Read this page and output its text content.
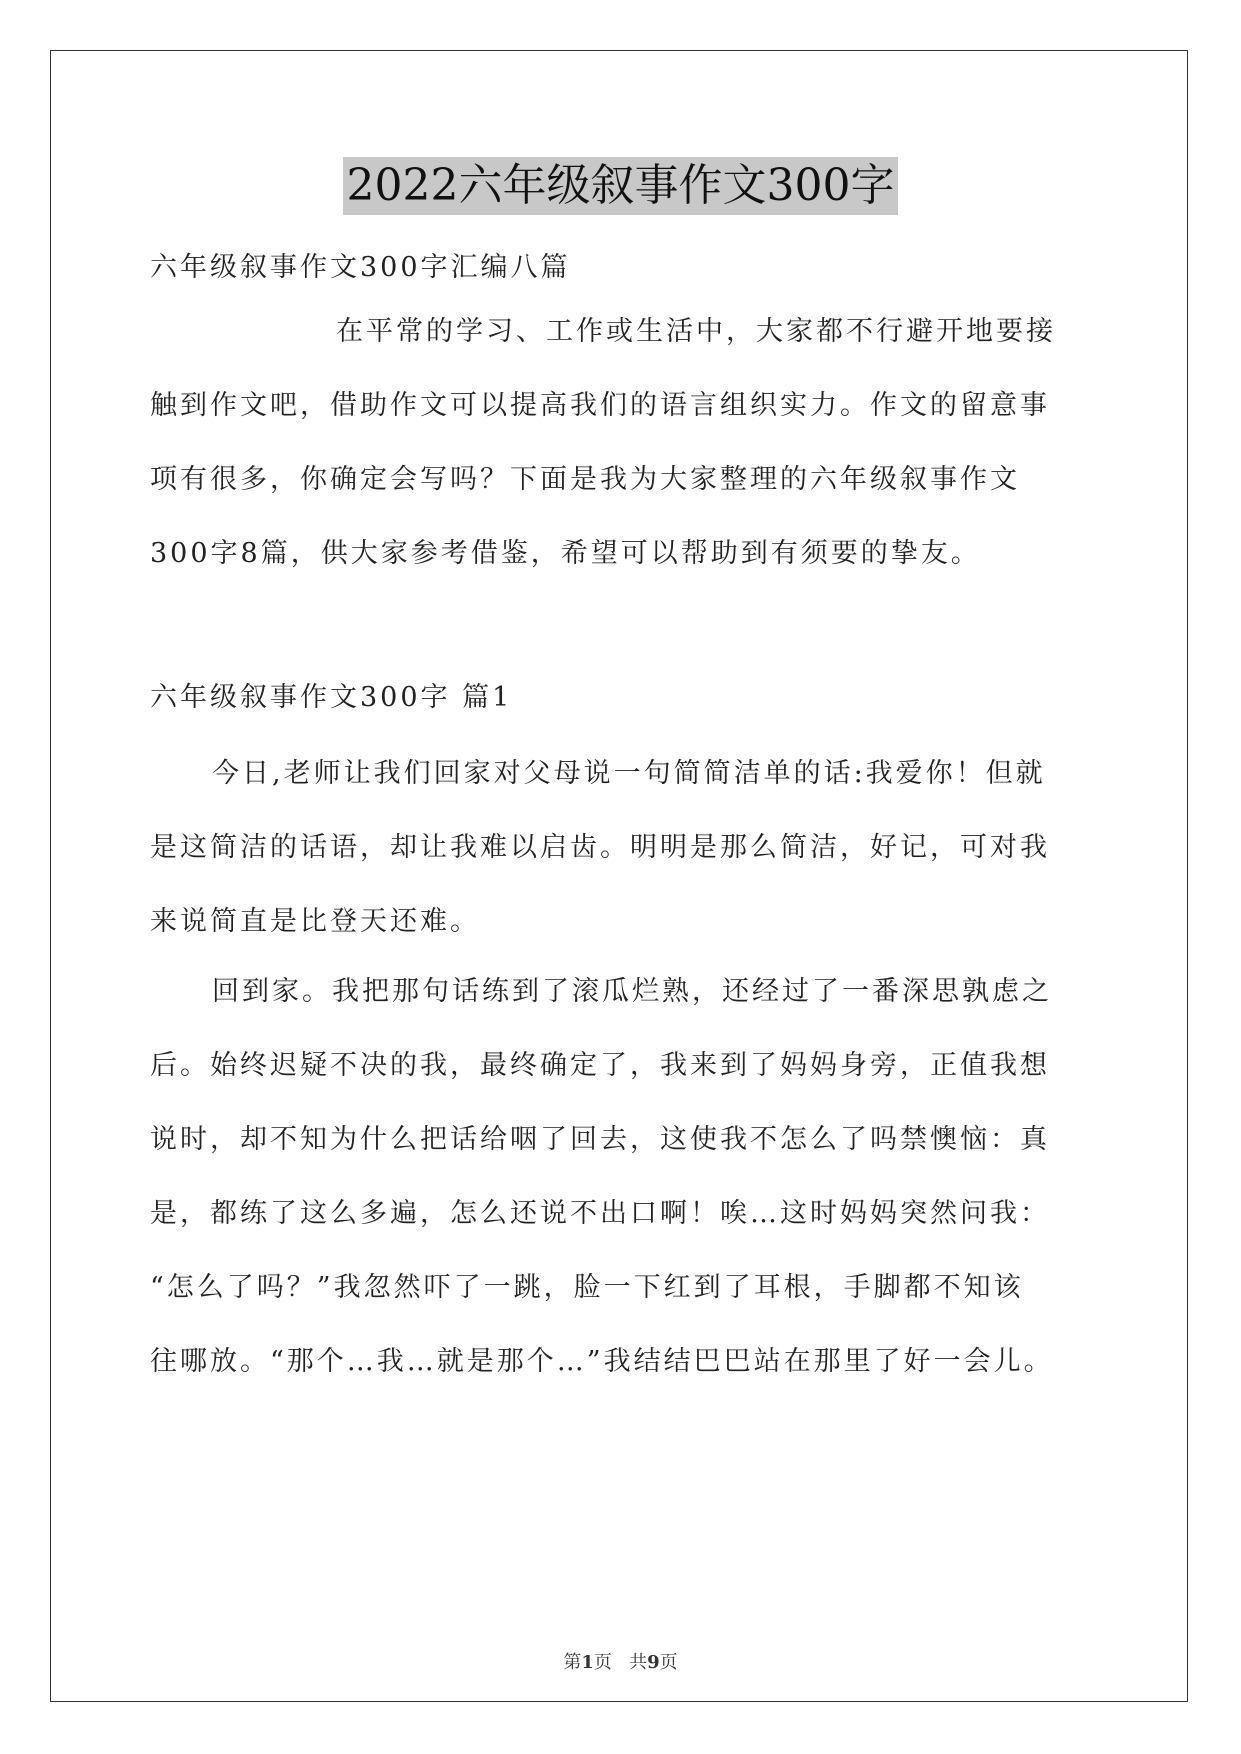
2022六年级叙事作文300字
六年级叙事作文300字汇编八篇
在平常的学习、工作或生活中，大家都不行避开地要接
触到作文吧，借助作文可以提高我们的语言组织实力。作文的留意事
项有很多，你确定会写吗？下面是我为大家整理的六年级叙事作文
300字8篇，供大家参考借鉴，希望可以帮助到有须要的挚友。
六年级叙事作文300字 篇1
今日,老师让我们回家对父母说一句简简洁单的话:我爱你！但就
是这简洁的话语，却让我难以启齿。明明是那么简洁，好记，可对我
来说简直是比登天还难。
回到家。我把那句话练到了滚瓜烂熟，还经过了一番深思孰虑之
后。始终迟疑不决的我，最终确定了，我来到了妈妈身旁，正值我想
说时，却不知为什么把话给咽了回去，这使我不怎么了吗禁懊恼：真
是，都练了这么多遍，怎么还说不出口啊！唉…这时妈妈突然问我：
“怎么了吗？”我忽然吓了一跳，脸一下红到了耳根，手脚都不知该
往哪放。“那个…我…就是那个…”我结结巴巴站在那里了好一会儿。
第1页   共9页
